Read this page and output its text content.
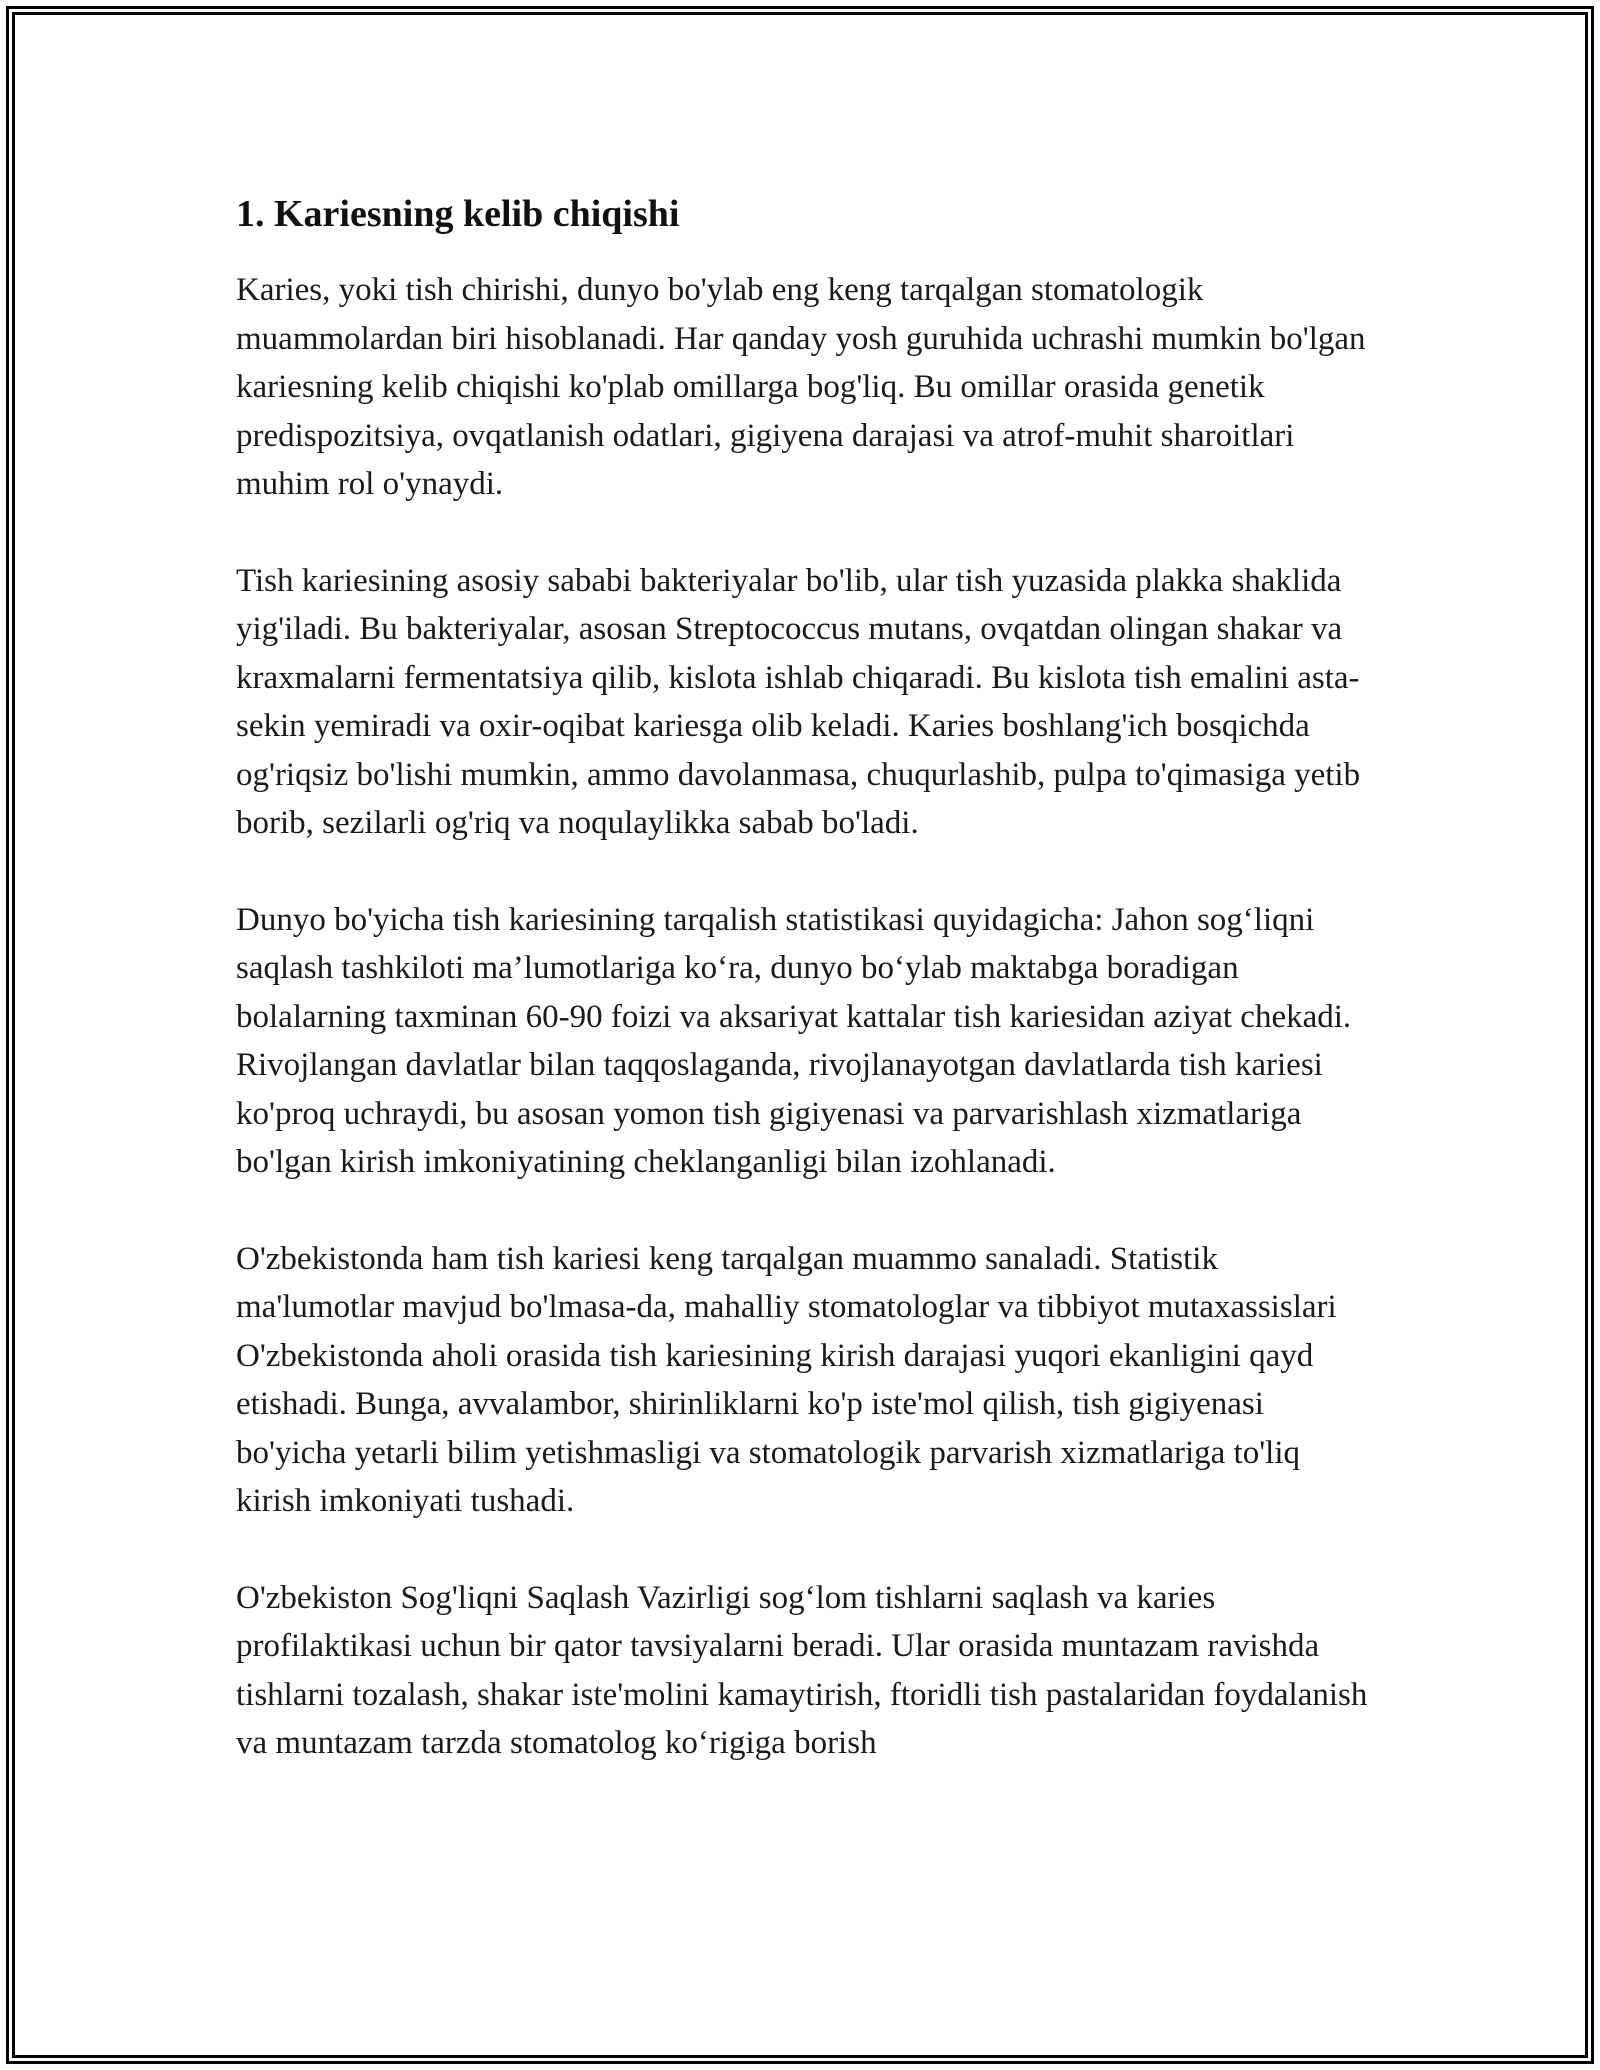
1. Kariesning kelib chiqishi

Karies, yoki tish chirishi, dunyo bo'ylab eng keng tarqalgan stomatologik muammolardan biri hisoblanadi. Har qanday yosh guruhida uchrashi mumkin bo'lgan kariesning kelib chiqishi ko'plab omillarga bog'liq. Bu omillar orasida genetik predispozitsiya, ovqatlanish odatlari, gigiyena darajasi va atrof-muhit sharoitlari muhim rol o'ynaydi.

Tish kariesining asosiy sababi bakteriyalar bo'lib, ular tish yuzasida plakka shaklida yig'iladi. Bu bakteriyalar, asosan Streptococcus mutans, ovqatdan olingan shakar va kraxmalarni fermentatsiya qilib, kislota ishlab chiqaradi. Bu kislota tish emalini asta-sekin yemiradi va oxir-oqibat kariesga olib keladi. Karies boshlang'ich bosqichda og'riqsiz bo'lishi mumkin, ammo davolanmasa, chuqurlashib, pulpa to'qimasiga yetib borib, sezilarli og'riq va noqulaylikka sabab bo'ladi.

Dunyo bo'yicha tish kariesining tarqalish statistikasi quyidagicha: Jahon sog‘liqni saqlash tashkiloti ma’lumotlariga ko‘ra, dunyo bo‘ylab maktabga boradigan bolalarning taxminan 60-90 foizi va aksariyat kattalar tish kariesidan aziyat chekadi. Rivojlangan davlatlar bilan taqqoslaganda, rivojlanayotgan davlatlarda tish kariesi ko'proq uchraydi, bu asosan yomon tish gigiyenasi va parvarishlash xizmatlariga bo'lgan kirish imkoniyatining cheklanganligi bilan izohlanadi.

O'zbekistonda ham tish kariesi keng tarqalgan muammo sanaladi. Statistik ma'lumotlar mavjud bo'lmasa-da, mahalliy stomatologlar va tibbiyot mutaxassislari O'zbekistonda aholi orasida tish kariesining kirish darajasi yuqori ekanligini qayd etishadi. Bunga, avvalambor, shirinliklarni ko'p iste'mol qilish, tish gigiyenasi bo'yicha yetarli bilim yetishmasligi va stomatologik parvarish xizmatlariga to'liq kirish imkoniyati tushadi.

O'zbekiston Sog'liqni Saqlash Vazirligi sog‘lom tishlarni saqlash va karies profilaktikasi uchun bir qator tavsiyalarni beradi. Ular orasida muntazam ravishda tishlarni tozalash, shakar iste'molini kamaytirish, ftoridli tish pastalaridan foydalanish va muntazam tarzda stomatolog ko‘rigiga borish
